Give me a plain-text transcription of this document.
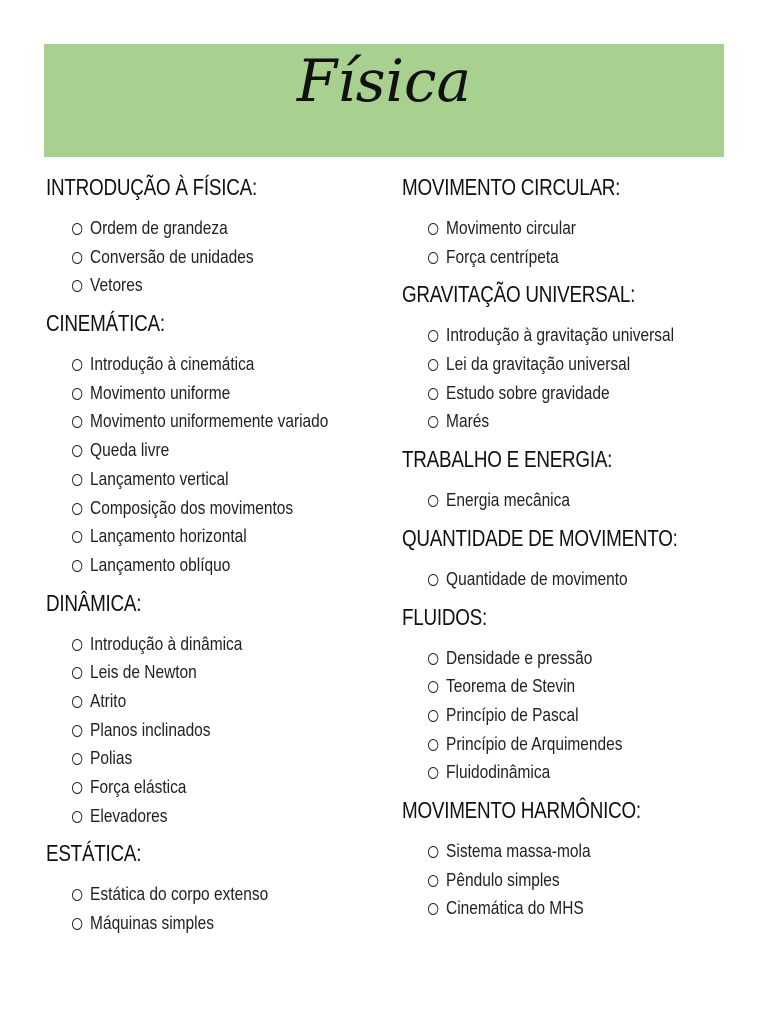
Física
INTRODUÇÃO À FÍSICA:
Ordem de grandeza
Conversão de unidades
Vetores
CINEMÁTICA:
Introdução à cinemática
Movimento uniforme
Movimento uniformemente variado
Queda livre
Lançamento vertical
Composição dos movimentos
Lançamento horizontal
Lançamento oblíquo
DINÂMICA:
Introdução à dinâmica
Leis de Newton
Atrito
Planos inclinados
Polias
Força elástica
Elevadores
ESTÁTICA:
Estática do corpo extenso
Máquinas simples
MOVIMENTO CIRCULAR:
Movimento circular
Força centrípeta
GRAVITAÇÃO UNIVERSAL:
Introdução à gravitação universal
Lei da gravitação universal
Estudo sobre gravidade
Marés
TRABALHO E ENERGIA:
Energia mecânica
QUANTIDADE DE MOVIMENTO:
Quantidade de movimento
FLUIDOS:
Densidade e pressão
Teorema de Stevin
Princípio de Pascal
Princípio de Arquimendes
Fluidodinâmica
MOVIMENTO HARMÔNICO:
Sistema massa-mola
Pêndulo simples
Cinemática do MHS
